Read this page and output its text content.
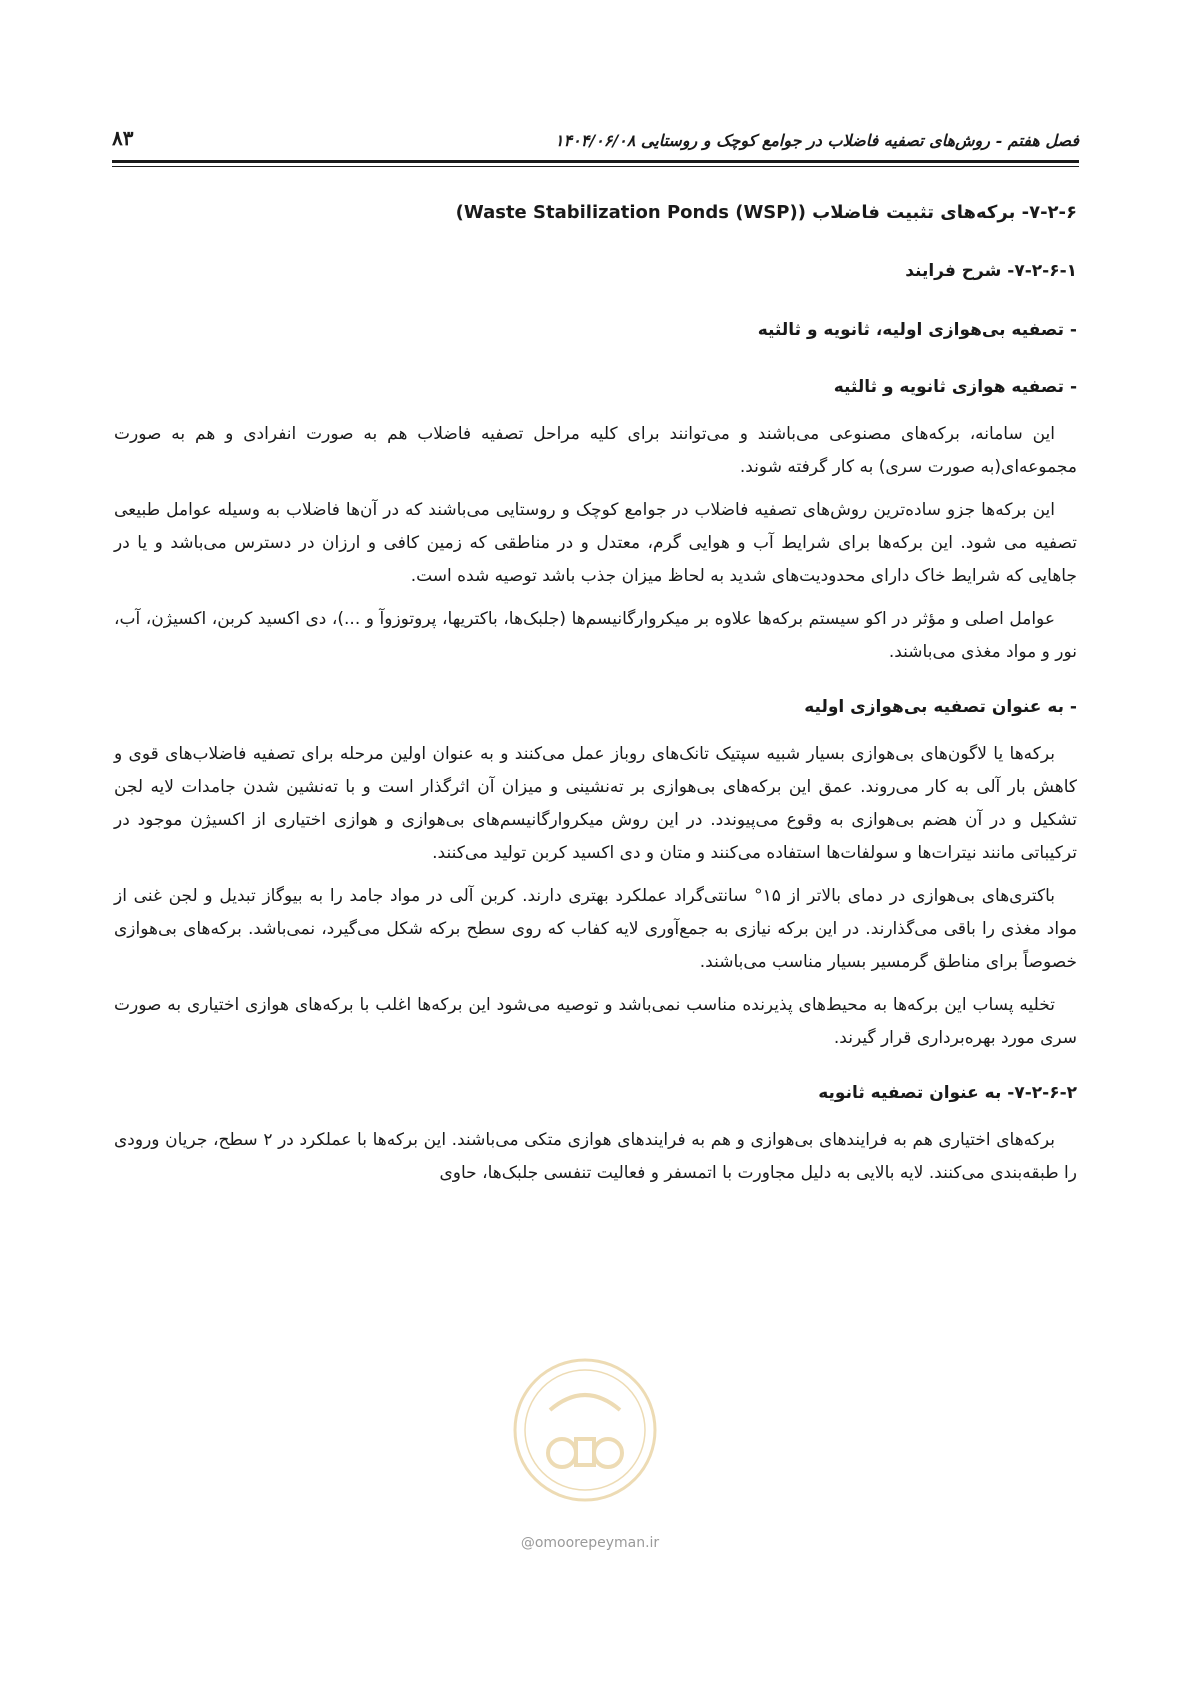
۸۳	فصل هفتم - روش‌های تصفیه فاضلاب در جوامع کوچک و روستایی ۱۴۰۴/۰۶/۰۸
۷-۲-۶- برکه‌های تثبیت فاضلاب ((Waste Stabilization Ponds (WSP)
۷-۲-۶-۱- شرح فرایند
- تصفیه بی‌هوازی اولیه، ثانویه و ثالثیه
- تصفیه هوازی ثانویه و ثالثیه

این سامانه، برکه‌های مصنوعی می‌باشند و می‌توانند برای کلیه مراحل تصفیه فاضلاب هم به صورت انفرادی و هم به صورت مجموعه‌ای(به صورت سری) به کار گرفته شوند.

این برکه‌ها جزو ساده‌ترین روش‌های تصفیه فاضلاب در جوامع کوچک و روستایی می‌باشند که در آن‌ها فاضلاب به وسیله عوامل طبیعی تصفیه می شود. این برکه‌ها برای شرایط آب و هوایی گرم، معتدل و در مناطقی که زمین کافی و ارزان در دسترس می‌باشد و یا در جاهایی که شرایط خاک دارای محدودیت‌های شدید به لحاظ میزان جذب باشد توصیه شده است.

عوامل اصلی و مؤثر در اکو سیستم برکه‌ها علاوه بر میکروارگانیسم‌ها (جلبک‌ها، باکتریها، پروتوزوآ و ...)، دی اکسید کربن، اکسیژن، آب، نور و مواد مغذی می‌باشند.

- به عنوان تصفیه بی‌هوازی اولیه

برکه‌ها یا لاگون‌های بی‌هوازی بسیار شبیه سپتیک تانک‌های روباز عمل می‌کنند و به عنوان اولین مرحله برای تصفیه فاضلاب‌های قوی و کاهش بار آلی به کار می‌روند. عمق این برکه‌های بی‌هوازی بر ته‌نشینی و میزان آن اثرگذار است و با ته‌نشین شدن جامدات لایه لجن تشکیل و در آن هضم بی‌هوازی به وقوع می‌پیوندد. در این روش میکروارگانیسم‌های بی‌هوازی و هوازی اختیاری از اکسیژن موجود در ترکیباتی مانند نیترات‌ها و سولفات‌ها استفاده می‌کنند و متان و دی اکسید کربن تولید می‌کنند.

باکتری‌های بی‌هوازی در دمای بالاتر از ۱۵° سانتی‌گراد عملکرد بهتری دارند. کربن آلی در مواد جامد را به بیوگاز تبدیل و لجن غنی از مواد مغذی را باقی می‌گذارند. در این برکه نیازی به جمع‌آوری لایه کفاب که روی سطح برکه شکل می‌گیرد، نمی‌باشد. برکه‌های بی‌هوازی خصوصاً برای مناطق گرمسیر بسیار مناسب می‌باشند.

تخلیه پساب این برکه‌ها به محیط‌های پذیرنده مناسب نمی‌باشد و توصیه می‌شود این برکه‌ها اغلب با برکه‌های هوازی اختیاری به صورت سری مورد بهره‌برداری قرار گیرند.

۷-۲-۶-۲- به عنوان تصفیه ثانویه

برکه‌های اختیاری هم به فرایندهای بی‌هوازی و هم به فرایندهای هوازی متکی می‌باشند. این برکه‌ها با عملکرد در ۲ سطح، جریان ورودی را طبقه‌بندی می‌کنند. لایه بالایی به دلیل مجاورت با اتمسفر و فعالیت تنفسی جلبک‌ها، حاوی

@omoorepeyman.ir
